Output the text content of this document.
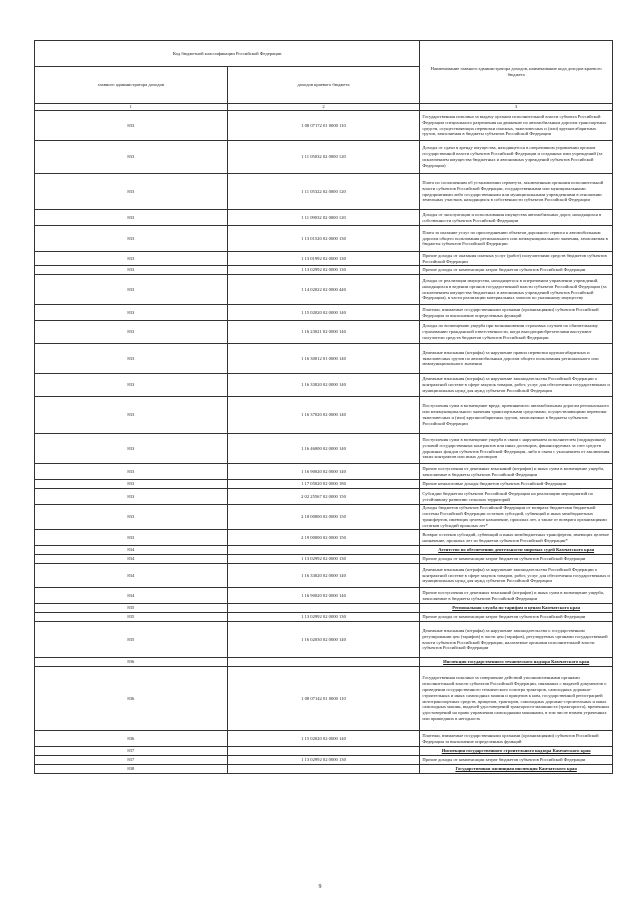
Код бюджетной классификации Российской Федерации		Наименование главного администратора доходов, наименование кода доходов краевого бюджета
главного администратора доходов	доходов краевого бюджета	
1	2	3
833	1 08 07172 01 0000 110	Государственная пошлина за выдачу органом исполнительной власти субъекта Российской Федерации специального разрешения на движение по автомобильным дорогам транспортных средств, осуществляющих перевозки опасных, тяжеловесных и (или) крупногабаритных грузов, зачисляемая в бюджеты субъектов Российской Федерации
833	1 11 05032 02 0000 120	Доходы от сдачи в аренду имущества, находящегося в оперативном управлении органов государственной власти субъектов Российской Федерации и созданных ими учреждений (за исключением имущества бюджетных и автономных учреждений субъектов Российской Федерации)
833	1 11 05322 02 0000 120	Плата по соглашениям об установлении сервитута, заключенным органами исполнительной власти субъектов Российской Федерации, государственными или муниципальными предприятиями либо государственными или муниципальными учреждениями в отношении земельных участков, находящихся в собственности субъектов Российской Федерации
833	1 11 09032 02 0000 120	Доходы от эксплуатации и использования имущества автомобильных дорог, находящихся в собственности субъектов Российской Федерации
833	1 13 01520 02 0000 130	Плата за оказание услуг по присоединению объектов дорожного сервиса к автомобильным дорогам общего пользования регионального или межмуниципального значения, зачисляемая в бюджеты субъектов Российской Федерации
833	1 13 01992 02 0000 130	Прочие доходы от оказания платных услуг (работ) получателями средств бюджетов субъектов Российской Федерации
833	1 13 02992 02 0000 130	Прочие доходы от компенсации затрат бюджетов субъектов Российской Федерации
833	1 14 02022 02 0000 440	Доходы от реализации имущества, находящегося в оперативном управлении учреждений, находящихся в ведении органов государственной власти субъектов Российской Федерации (за исключением имущества бюджетных и автономных учреждений субъектов Российской Федерации), в части реализации материальных запасов по указанному имуществу
833	1 15 02020 02 0000 140	Платежи, взимаемые государственными органами (организациями) субъектов Российской Федерации за выполнение определенных функций
833	1 16 23021 02 0000 140	Доходы по возмещению ущерба при возникновении страховых случаев по обязательному страхованию гражданской ответственности, когда выгодоприобретателями выступают получатели средств бюджетов субъектов Российской Федерации
833	1 16 30012 01 0000 140	Денежные взыскания (штрафы) за нарушение правил перевозки крупногабаритных и тяжеловесных грузов по автомобильным дорогам общего пользования регионального или межмуниципального значения
833	1 16 33020 02 0000 140	Денежные взыскания (штрафы) за нарушение законодательства Российской Федерации о контрактной системе в сфере закупок товаров, работ, услуг для обеспечения государственных и муниципальных нужд для нужд субъектов Российской Федерации
833	1 16 37020 02 0000 140	Поступления сумм в возмещение вреда, причиняемого автомобильным дорогам регионального или межмуниципального значения транспортными средствами, осуществляющими перевозки тяжеловесных и (или) крупногабаритных грузов, зачисляемые в бюджеты субъектов Российской Федерации
833	1 16 46000 02 0000 140	Поступления сумм в возмещение ущерба в связи с нарушением исполнителем (подрядчиком) условий государственных контрактов или иных договоров, финансируемых за счет средств дорожных фондов субъектов Российской Федерации, либо в связи с уклонением от заключения таких контрактов или иных договоров
833	1 16 90020 02 0000 140	Прочие поступления от денежных взысканий (штрафов) и иных сумм в возмещение ущерба, зачисляемые в бюджеты субъектов Российской Федерации
833	1 17 05020 02 0000 180	Прочие неналоговые доходы бюджетов субъектов Российской Федерации
833	2 02 25567 02 0000 150	Субсидии бюджетам субъектов Российской Федерации на реализацию мероприятий по устойчивому развитию сельских территорий
833	2 18 00000 02 0000 150	Доходы бюджетов субъектов Российской Федерации от возврата бюджетами бюджетной системы Российской Федерации остатков субсидий, субвенций и иных межбюджетных трансфертов, имеющих целевое назначение, прошлых лет, а также от возврата организациями остатков субсидий прошлых лет*
833	2 19 00000 02 0000 150	Возврат остатков субсидий, субвенций и иных межбюджетных трансфертов, имеющих целевое назначение, прошлых лет из бюджетов субъектов Российской Федерации*
834		Агентство по обеспечению деятельности мировых судей Камчатского края
834	1 13 02992 02 0000 130	Прочие доходы от компенсации затрат бюджетов субъектов Российской Федерации
834	1 16 33020 02 0000 140	Денежные взыскания (штрафы) за нарушение законодательства Российской Федерации о контрактной системе в сфере закупок товаров, работ, услуг для обеспечения государственных и муниципальных нужд для нужд субъектов Российской Федерации
834	1 16 90020 02 0000 140	Прочие поступления от денежных взысканий (штрафов) и иных сумм в возмещение ущерба, зачисляемые в бюджеты субъектов Российской Федерации
835		Региональная служба по тарифам и ценам Камчатского края
835	1 13 02992 02 0000 130	Прочие доходы от компенсации затрат бюджетов субъектов Российской Федерации
835	1 16 02030 02 0000 140	Денежные взыскания (штрафы) за нарушение законодательства о государственном регулировании цен (тарифов) в части цен (тарифов), регулируемых органами государственной власти субъектов Российской Федерации, налагаемые органами исполнительной власти субъектов Российской Федерации
836		Инспекция государственного технического надзора Камчатского края
836	1 08 07142 01 0000 110	Государственная пошлина за совершение действий уполномоченными органами исполнительной власти субъектов Российской Федерации, связанных с выдачей документов о проведении государственного технического осмотра тракторов, самоходных дорожно-строительных и иных самоходных машин и прицепов к ним, государственной регистрацией мототранспортных средств, прицепов, тракторов, самоходных дорожно-строительных и иных самоходных машин, выдачей удостоверений тракториста-машиниста (тракториста), временных удостоверений на право управления самоходными машинами, в том числе взамен утраченных или пришедших в негодность
836	1 15 02020 02 0000 140	Платежи, взимаемые государственными органами (организациями) субъектов Российской Федерации за выполнение определенных функций
837		Инспекция государственного строительного надзора Камчатского края
837	1 13 02992 02 0000 130	Прочие доходы от компенсации затрат бюджетов субъектов Российской Федерации
838		Государственная жилищная инспекция Камчатского края
9
